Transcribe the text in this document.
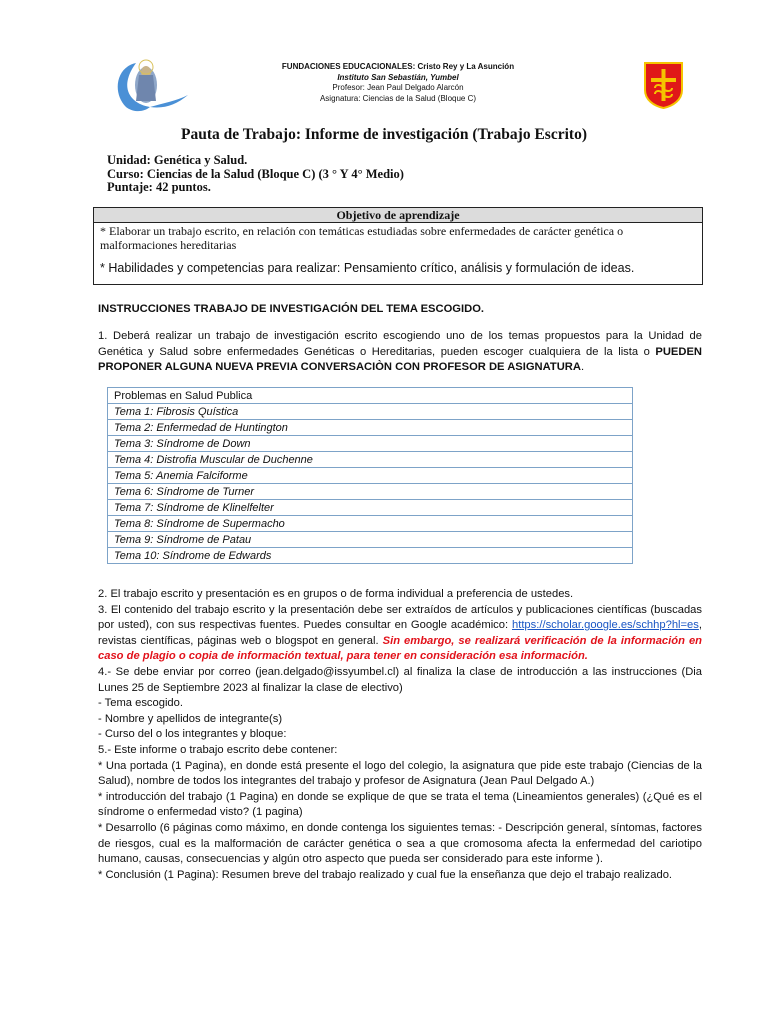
FUNDACIONES EDUCACIONALES: Cristo Rey y La Asunción
Instituto San Sebastián, Yumbel
Profesor: Jean Paul Delgado Alarcón
Asignatura: Ciencias de la Salud (Bloque C)
Pauta de Trabajo: Informe de investigación (Trabajo Escrito)
Unidad: Genética y Salud.
Curso: Ciencias de la Salud (Bloque C) (3 ° Y 4° Medio)
Puntaje: 42 puntos.
Objetivo de aprendizaje
* Elaborar un trabajo escrito, en relación con temáticas estudiadas sobre enfermedades de carácter genética o malformaciones hereditarias
* Habilidades y competencias para realizar: Pensamiento crítico, análisis y formulación de ideas.
INSTRUCCIONES TRABAJO DE INVESTIGACIÓN DEL TEMA ESCOGIDO.

1. Deberá realizar un trabajo de investigación escrito escogiendo uno de los temas propuestos para la Unidad de Genética y Salud sobre enfermedades Genéticas o Hereditarias, pueden escoger cualquiera de la lista o PUEDEN PROPONER ALGUNA NUEVA PREVIA CONVERSACIÒN CON PROFESOR DE ASIGNATURA.

Problemas en Salud Publica
Tema 1: Fibrosis Quística
Tema 2: Enfermedad de Huntington
Tema 3: Síndrome de Down
Tema 4: Distrofia Muscular de Duchenne
Tema 5: Anemia Falciforme
Tema 6: Síndrome de Turner
Tema 7: Síndrome de Klinelfelter
Tema 8: Síndrome de Supermacho
Tema 9: Síndrome de Patau
Tema 10: Síndrome de Edwards

2. El trabajo escrito y presentación es en grupos o de forma individual a preferencia de ustedes.

3. El contenido del trabajo escrito y la presentación debe ser extraídos de artículos y publicaciones científicas (buscadas por usted), con sus respectivas fuentes. Puedes consultar en Google académico: https://scholar.google.es/schhp?hl=es, revistas científicas, páginas web o blogspot en general. Sin embargo, se realizará verificación de la información en caso de plagio o copia de información textual, para tener en consideración esa información.

4.- Se debe enviar por correo (jean.delgado@issyumbel.cl) al finaliza la clase de introducción a las instrucciones (Dia Lunes 25 de Septiembre 2023 al finalizar la clase de electivo)

- Tema escogido.

- Nombre y apellidos de integrante(s)

- Curso del o los integrantes y bloque:

5.- Este informe o trabajo escrito debe contener:

* Una portada (1 Pagina), en donde está presente el logo del colegio, la asignatura que pide este trabajo (Ciencias de la Salud), nombre de todos los integrantes del trabajo y profesor de Asignatura (Jean Paul Delgado A.)

* introducción del trabajo (1 Pagina) en donde se explique de que se trata el tema (Lineamientos generales) (¿Qué es el síndrome o enfermedad visto? (1 pagina)

* Desarrollo (6 páginas como máximo, en donde contenga los siguientes temas: - Descripción general, síntomas, factores de riesgos, cual es la malformación de carácter genética o sea a que cromosoma afecta la enfermedad del cariotipo humano, causas, consecuencias y algún otro aspecto que pueda ser considerado para este informe ).

* Conclusión (1 Pagina): Resumen breve del trabajo realizado y cual fue la enseñanza que dejo el trabajo realizado.
